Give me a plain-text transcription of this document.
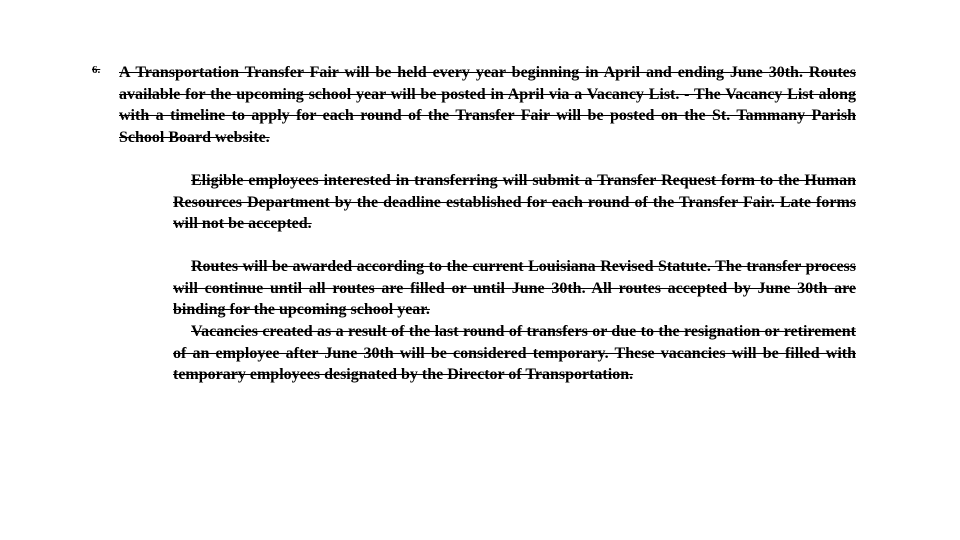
6. A Transportation Transfer Fair will be held every year beginning in April and ending June 30th. Routes available for the upcoming school year will be posted in April via a Vacancy List. - The Vacancy List along with a timeline to apply for each round of the Transfer Fair will be posted on the St. Tammany Parish School Board website.

Eligible employees interested in transferring will submit a Transfer Request form to the Human Resources Department by the deadline established for each round of the Transfer Fair. Late forms will not be accepted.

Routes will be awarded according to the current Louisiana Revised Statute. The transfer process will continue until all routes are filled or until June 30th. All routes accepted by June 30th are binding for the upcoming school year.

Vacancies created as a result of the last round of transfers or due to the resignation or retirement of an employee after June 30th will be considered temporary. These vacancies will be filled with temporary employees designated by the Director of Transportation.
